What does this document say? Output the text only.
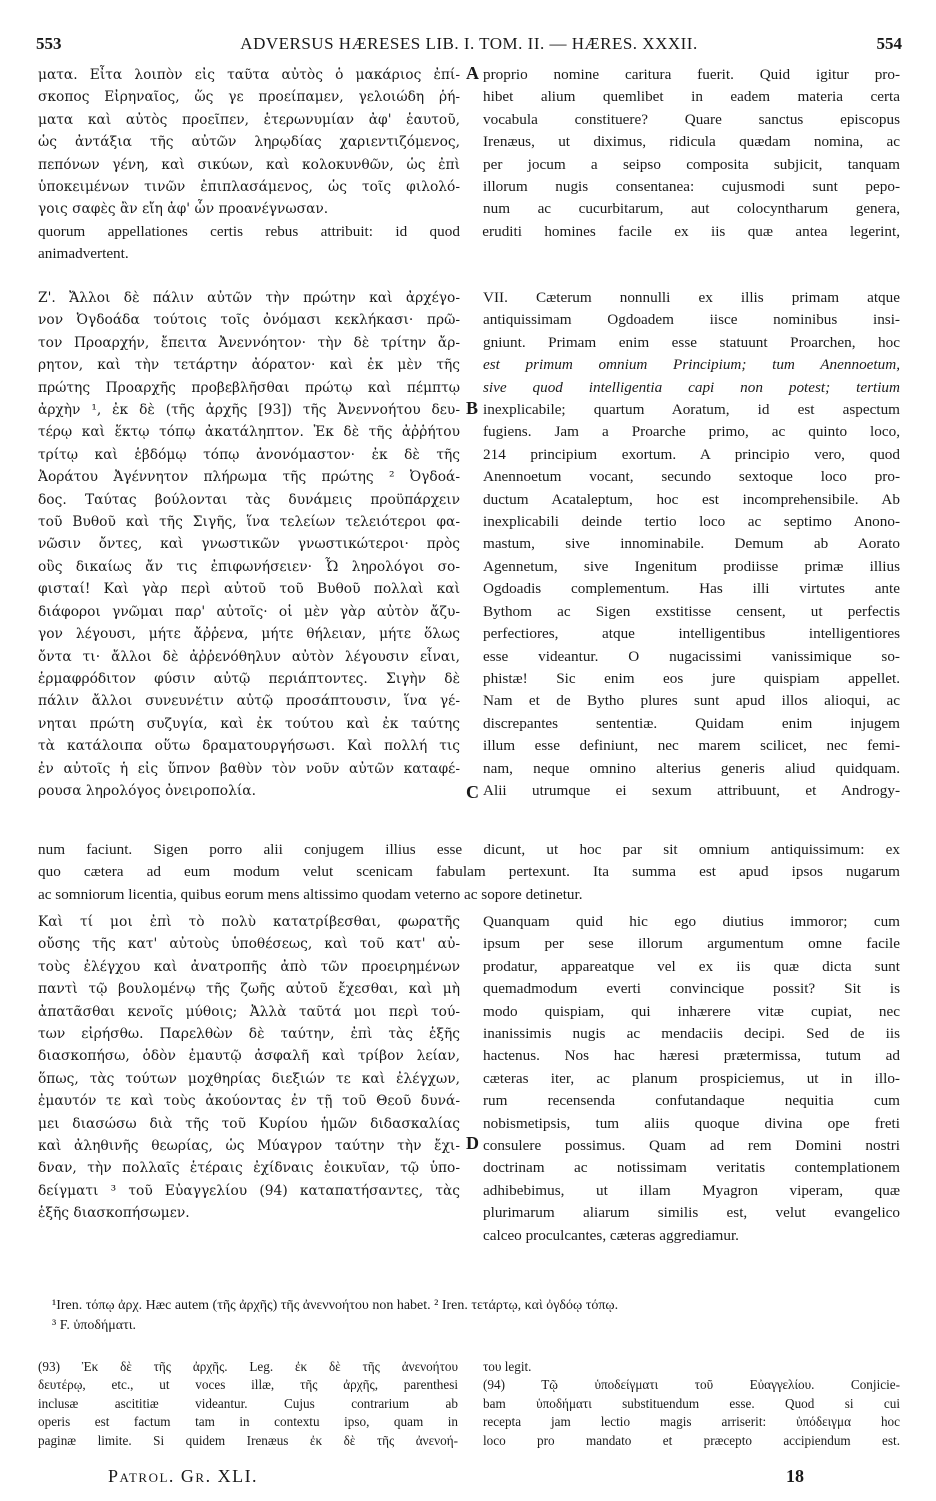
553	ADVERSUS HÆRESES LIB. I. TOM. II. — HÆRES. XXXII.	554
ματα. Εἶτα λοιπὸν εἰς ταῦτα αὐτὸς ὁ μακάριος ἐπί-
σκοπος Εἰρηναῖος, ὥς γε προείπαμεν, γελοιώδη ῥή-
ματα καὶ αὐτὸς προεῖπεν, ἑτερωνυμίαν ἀφ' ἑαυτοῦ,
ὡς ἀντάξια τῆς αὐτῶν ληρῳδίας χαριεντιζόμενος,
πεπόνων γένη, καὶ σικύων, καὶ κολοκυνθῶν, ὡς ἐπὶ
ὑποκειμένων τινῶν ἐπιπλασάμενος, ὡς τοῖς φιλολό-
γοις σαφὲς ἂν εἴη ἀφ' ὧν προανέγνωσαν.
A proprio nomine caritura fuerit. Quid igitur pro-
hibet alium quemlibet in eadem materia certa
vocabula constituere? Quare sanctus episcopus
Irenæus, ut diximus, ridicula quædam nomina, ac
per jocum a seipso composita subjicit, tanquam
illorum nugis consentanea: cujusmodi sunt pepo-
num ac cucurbitarum, aut colocyntharum genera,
quorum appellationes certis rebus attribuit: id quod eruditi homines facile ex iis quæ antea legerint,
animadvertent.
Ζ'. Ἄλλοι δὲ πάλιν αὐτῶν τὴν πρώτην καὶ ἀρχέγο-
νον Ὀγδοάδα τούτοις τοῖς ὀνόμασι κεκλήκασι· πρῶ-
τον Προαρχήν, ἔπειτα Ἀνεννόητον· τὴν δὲ τρίτην ἄρ-
ρητον, καὶ τὴν τετάρτην ἀόρατον· καὶ ἐκ μὲν τῆς
πρώτης Προαρχῆς προβεβλῆσθαι πρώτῳ καὶ πέμπτῳ
ἀρχὴν ¹, ἐκ δὲ (τῆς ἀρχῆς [93]) τῆς Ἀνεννοήτου δευ-
τέρῳ καὶ ἕκτῳ τόπῳ ἀκατάληπτον. Ἐκ δὲ τῆς ἀῤῥήτου
τρίτῳ καὶ ἑβδόμῳ τόπῳ ἀνονόμαστον· ἐκ δὲ τῆς
Ἀοράτου Ἀγέννητον πλήρωμα τῆς πρώτης ² Ὀγδοά-
δος. Ταύτας βούλονται τὰς δυνάμεις προϋπάρχειν
τοῦ Βυθοῦ καὶ τῆς Σιγῆς, ἵνα τελείων τελειότεροι φα-
νῶσιν ὄντες, καὶ γνωστικῶν γνωστικώτεροι· πρὸς
οὓς δικαίως ἄν τις ἐπιφωνήσειεν· Ὦ ληρολόγοι σο-
φισταί! Καὶ γὰρ περὶ αὐτοῦ τοῦ Βυθοῦ πολλαὶ καὶ
διάφοροι γνῶμαι παρ' αὐτοῖς· οἱ μὲν γὰρ αὐτὸν ἄζυ-
γον λέγουσι, μήτε ἄῤῥενα, μήτε θήλειαν, μήτε ὅλως
ὄντα τι· ἄλλοι δὲ ἀῤῥενόθηλυν αὐτὸν λέγουσιν εἶναι,
ἑρμαφρόδιτον φύσιν αὐτῷ περιάπτοντες. Σιγὴν δὲ
πάλιν ἄλλοι συνευνέτιν αὐτῷ προσάπτουσιν, ἵνα γέ-
νηται πρώτη συζυγία, καὶ ἐκ τούτου καὶ ἐκ ταύτης
τὰ κατάλοιπα οὕτω δραματουργήσωσι. Καὶ πολλή τις
ἐν αὐτοῖς ἡ εἰς ὕπνον βαθὺν τὸν νοῦν αὐτῶν καταφέ-
ρουσα ληρολόγος ὀνειροπολία.
B
C
VII. Cæterum nonnulli ex illis primam atque
antiquissimam Ogdoadem iisce nominibus insi-
gniunt. Primam enim esse statuunt Proarchen, hoc
est primum omnium Principium; tum Anennoetum,
sive quod intelligentia capi non potest; tertium
inexplicabile; quartum Aoratum, id est aspectum
fugiens. Jam a Proarche primo, ac quinto loco,
214 principium exortum. A principio vero, quod
Anennoetum vocant, secundo sextoque loco pro-
ductum Acataleptum, hoc est incomprehensibile. Ab
inexplicabili deinde tertio loco ac septimo Anono-
mastum, sive innominabile. Demum ab Aorato
Agennetum, sive Ingenitum prodiisse primæ illius
Ogdoadis complementum. Has illi virtutes ante
Bythom ac Sigen exstitisse censent, ut perfectis
perfectiores, atque intelligentibus intelligentiores
esse videantur. O nugacissimi vanissimique so-
phistæ! Sic enim eos jure quispiam appellet.
Nam et de Bytho plures sunt apud illos alioqui, ac
discrepantes sententiæ. Quidam enim injugem
illum esse definiunt, nec marem scilicet, nec femi-
nam, neque omnino alterius generis aliud quidquam.
Alii utrumque ei sexum attribuunt, et Androgy-
num faciunt. Sigen porro alii conjugem illius esse dicunt, ut hoc par sit omnium antiquissimum: ex
quo cætera ad eum modum velut scenicam fabulam pertexunt. Ita summa est apud ipsos nugarum
ac somniorum licentia, quibus eorum mens altissimo quodam veterno ac sopore detinetur.
Καὶ τί μοι ἐπὶ τὸ πολὺ κατατρίβεσθαι, φωρατῆς
οὔσης τῆς κατ' αὐτοὺς ὑποθέσεως, καὶ τοῦ κατ' αὐ-
τοὺς ἐλέγχου καὶ ἀνατροπῆς ἀπὸ τῶν προειρημένων
παντὶ τῷ βουλομένῳ τῆς ζωῆς αὐτοῦ ἔχεσθαι, καὶ μὴ
ἀπατᾶσθαι κενοῖς μύθοις; Ἀλλὰ ταῦτά μοι περὶ τού-
των εἰρήσθω. Παρελθὼν δὲ ταύτην, ἐπὶ τὰς ἑξῆς
διασκοπήσω, ὁδὸν ἐμαυτῷ ἀσφαλῆ καὶ τρίβον λείαν,
ὅπως, τὰς τούτων μοχθηρίας διεξιών τε καὶ ἐλέγχων,
ἐμαυτόν τε καὶ τοὺς ἀκούοντας ἐν τῇ τοῦ Θεοῦ δυνά-
μει διασώσω διὰ τῆς τοῦ Κυρίου ἡμῶν διδασκαλίας
καὶ ἀληθινῆς θεωρίας, ὡς Μύαγρον ταύτην τὴν ἔχι-
δναν, τὴν πολλαῖς ἑτέραις ἐχίδναις ἐοικυῖαν, τῷ ὑπο-
δείγματι ³ τοῦ Εὐαγγελίου (94) καταπατήσαντες, τὰς
ἑξῆς διασκοπήσωμεν.
D
Quanquam quid hic ego diutius immoror; cum
ipsum per sese illorum argumentum omne facile
prodatur, appareatque vel ex iis quæ dicta sunt
quemadmodum everti convincique possit? Sit is
modo quispiam, qui inhærere vitæ cupiat, nec
inanissimis nugis ac mendaciis decipi. Sed de iis
hactenus. Nos hac hæresi prætermissa, tutum ad
cæteras iter, ac planum prospiciemus, ut in illo-
rum recensenda confutandaque nequitia cum
nobismetipsis, tum aliis quoque divina ope freti
consulere possimus. Quam ad rem Domini nostri
doctrinam ac notissimam veritatis contemplationem
adhibebimus, ut illam Myagron viperam, quæ
plurimarum aliarum similis est, velut evangelico
calceo proculcantes, cæteras aggrediamur.
¹Iren. τόπῳ ἀρχ. Hæc autem (τῆς ἀρχῆς) τῆς ἀνεννοήτου non habet. ² Iren. τετάρτῳ, καὶ ὀγδόῳ τόπῳ.
³ F. ὑποδήματι.
(93) Ἐκ δὲ τῆς ἀρχῆς. Leg. ἐκ δὲ τῆς ἀνενοήτου
δευτέρῳ, etc., ut voces illæ, τῆς ἀρχῆς, parenthesi
inclusæ ascititiæ videantur. Cujus contrarium ab
operis est factum tam in contextu ipso, quam in
paginæ limite. Si quidem Irenæus ἐκ δὲ τῆς ἀνενοή-
του legit.
(94) Τῷ ὑποδείγματι τοῦ Εὐαγγελίου. Conjicie-
bam ὑποδήματι substituendum esse. Quod si cui
recepta jam lectio magis arriserit: ὑπόδειγμα hoc
loco pro mandato et præcepto accipiendum est.
Patrol. Gr. XLI.	18
